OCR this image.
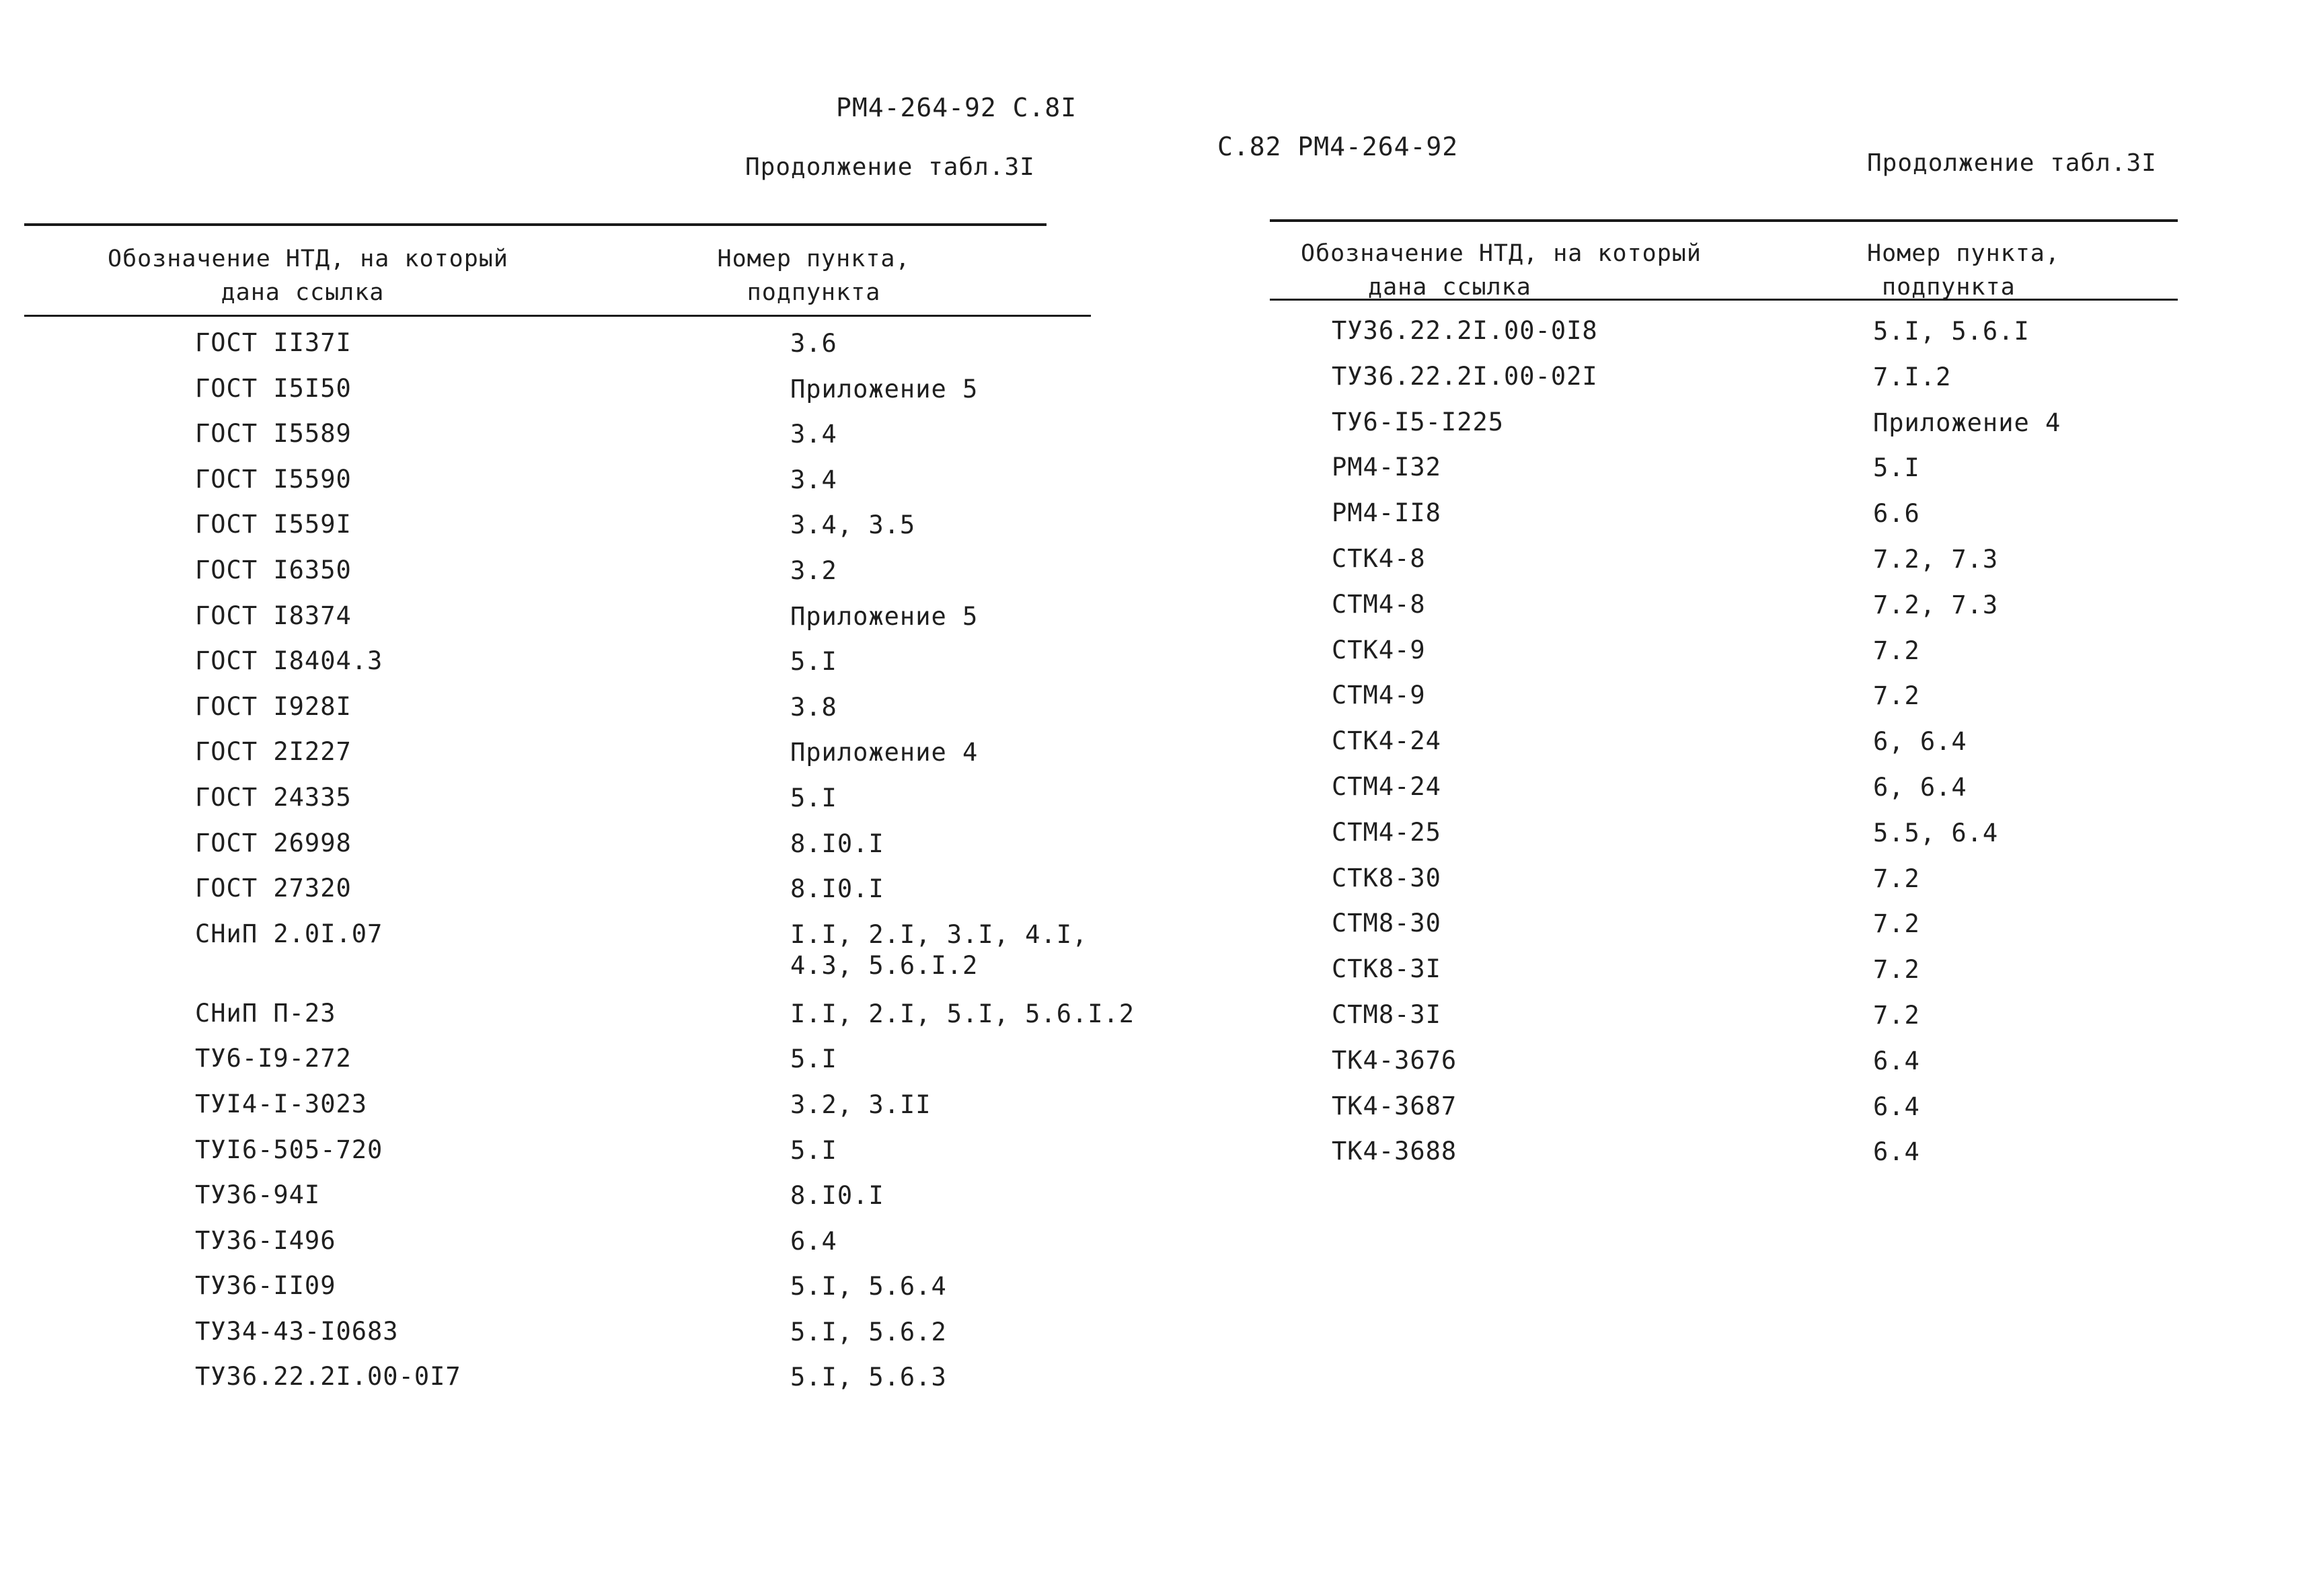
РМ4-264-92 С.8I
Продолжение табл.3I
Обозначение НТД, на который
дана ссылка
Номер пункта,
подпункта
ГОСТ II37I	3.6
ГОСТ I5I50	Приложение 5
ГОСТ I5589	3.4
ГОСТ I5590	3.4
ГОСТ I559I	3.4, 3.5
ГОСТ I6350	3.2
ГОСТ I8374	Приложение 5
ГОСТ I8404.3	5.I
ГОСТ I928I	3.8
ГОСТ 2I227	Приложение 4
ГОСТ 24335	5.I
ГОСТ 26998	8.I0.I
ГОСТ 27320	8.I0.I
СНиП 2.0I.07	I.I, 2.I, 3.I, 4.I,
4.3, 5.6.I.2
СНиП П-23	I.I, 2.I, 5.I, 5.6.I.2
ТУ6-I9-272	5.I
ТУI4-I-3023	3.2, 3.II
ТУI6-505-720	5.I
ТУ36-94I	8.I0.I
ТУ36-I496	6.4
ТУ36-II09	5.I, 5.6.4
ТУ34-43-I0683	5.I, 5.6.2
ТУ36.22.2I.00-0I7	5.I, 5.6.3
С.82 РМ4-264-92
Продолжение табл.3I
Обозначение НТД, на который
дана ссылка
Номер пункта,
подпункта
ТУ36.22.2I.00-0I8	5.I, 5.6.I
ТУ36.22.2I.00-02I	7.I.2
ТУ6-I5-I225	Приложение 4
РМ4-I32	5.I
РМ4-II8	6.6
СТК4-8	7.2, 7.3
СТМ4-8	7.2, 7.3
СТК4-9	7.2
СТМ4-9	7.2
СТК4-24	6, 6.4
СТМ4-24	6, 6.4
СТМ4-25	5.5, 6.4
СТК8-30	7.2
СТМ8-30	7.2
СТК8-3I	7.2
СТМ8-3I	7.2
ТК4-3676	6.4
ТК4-3687	6.4
ТК4-3688	6.4
